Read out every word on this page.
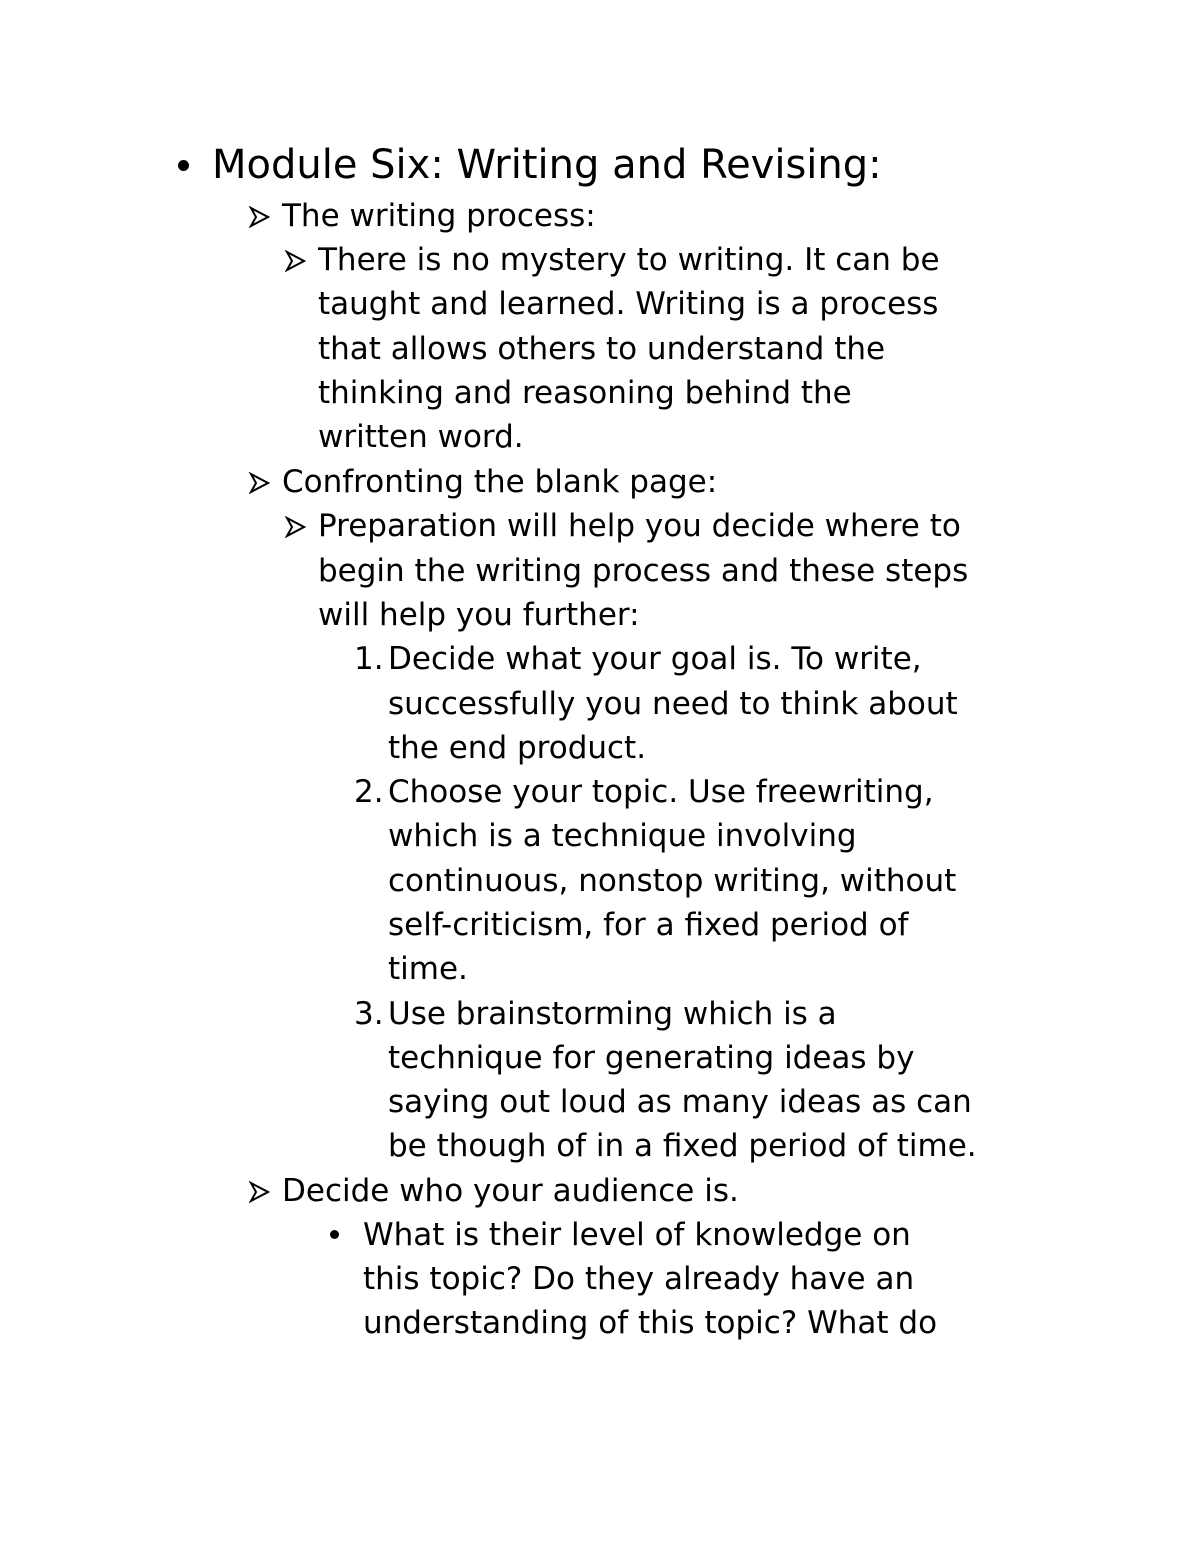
Module Six: Writing and Revising:
The writing process:
There is no mystery to writing. It can be
taught and learned. Writing is a process
that allows others to understand the
thinking and reasoning behind the
written word.
Confronting the blank page:
Preparation will help you decide where to
begin the writing process and these steps
will help you further:
1. Decide what your goal is. To write,
successfully you need to think about
the end product.
2. Choose your topic. Use freewriting,
which is a technique involving
continuous, nonstop writing, without
self-criticism, for a fixed period of
time.
3. Use brainstorming which is a
technique for generating ideas by
saying out loud as many ideas as can
be though of in a fixed period of time.
Decide who your audience is.
What is their level of knowledge on
this topic? Do they already have an
understanding of this topic? What do
